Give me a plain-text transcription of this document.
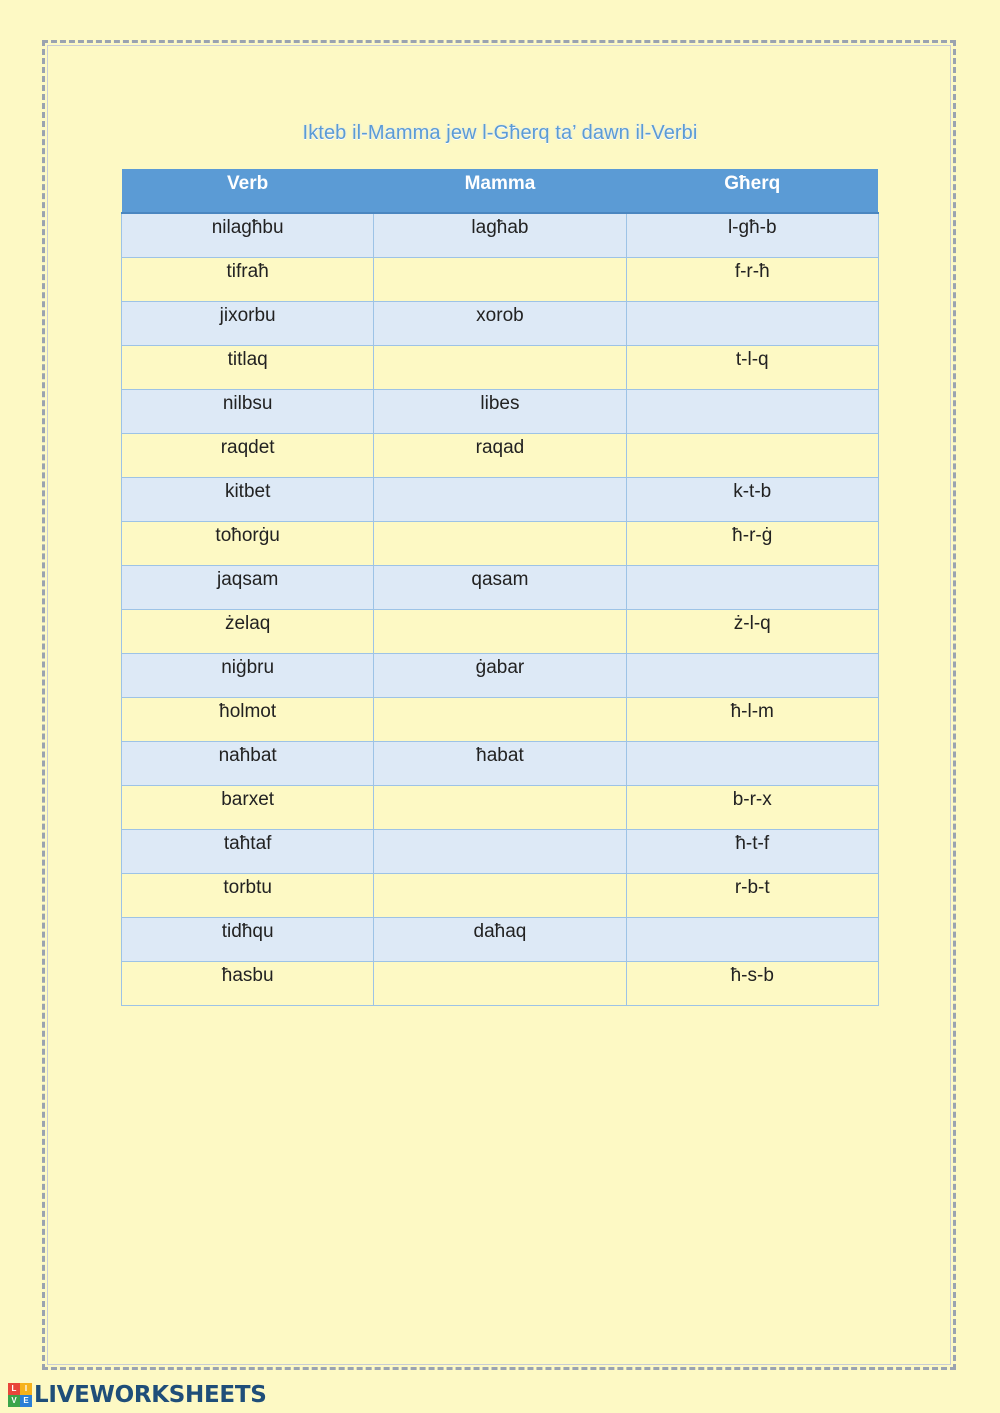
Ikteb il-Mamma jew l-Għerq ta’ dawn il-Verbi
Verb	Mamma	Għerq
nilagħbu	lagħab	l-għ-b
tifraħ		f-r-ħ
jixorbu	xorob	
titlaq		t-l-q
nilbsu	libes	
raqdet	raqad	
kitbet		k-t-b
toħorġu		ħ-r-ġ
jaqsam	qasam	
żelaq		ż-l-q
niġbru	ġabar	
ħolmot		ħ-l-m
naħbat	ħabat	
barxet		b-r-x
taħtaf		ħ-t-f
torbtu		r-b-t
tidħqu	daħaq	
ħasbu		ħ-s-b
L	I
V E LIVEWORKSHEETS
